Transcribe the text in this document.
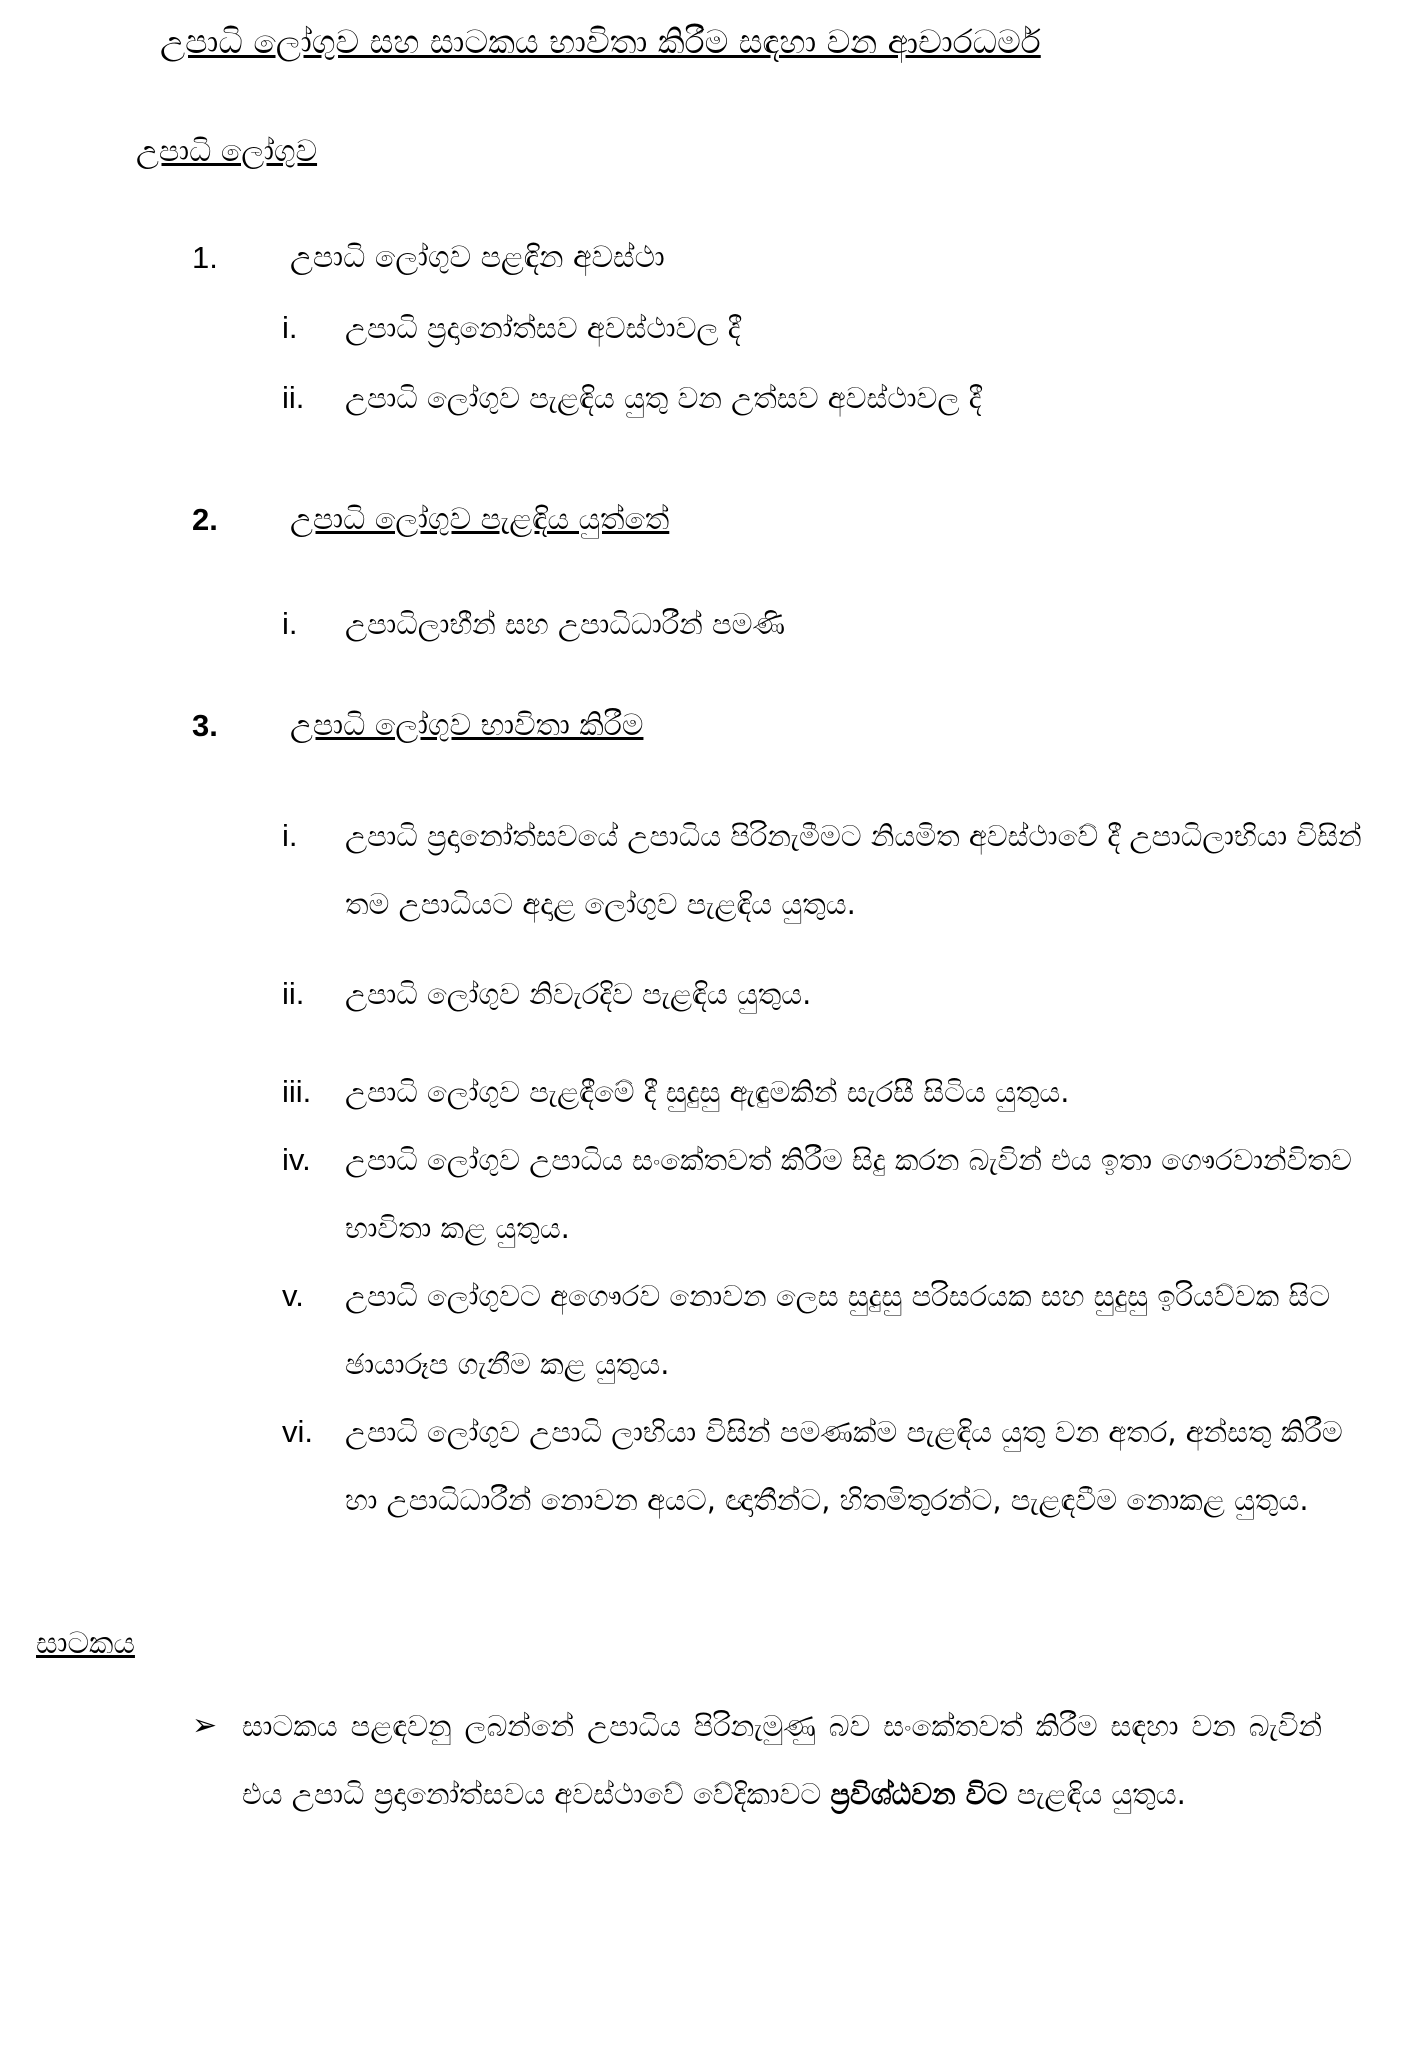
උපාධි ලෝගුව සහ සාටකය භාවිතා කිරීම සඳහා වන ආචාරධර්ම
උපාධි ලෝගුව
1. උපාධි ලෝගුව පළඳින අවස්ථා
i. උපාධි ප්‍රදානෝත්සව අවස්ථාවල දී
ii. උපාධි ලෝගුව පැළඳිය යුතු වන උත්සව අවස්ථාවල දී
2. උපාධි ලෝගුව පැළඳිය යුත්තේ
i. උපාධිලාභීන් සහ උපාධිධාරීන් පමණි
3. උපාධි ලෝගුව භාවිතා කිරීම
i. උපාධි ප්‍රදානෝත්සවයේ උපාධිය පිරිනැමීමට නියමිත අවස්ථාවේ දී උපාධිලාභියා විසින් තම උපාධියට අදාළ ලෝගුව පැළඳිය යුතුය.
ii. උපාධි ලෝගුව නිවැරදිව පැළඳිය යුතුය.
iii. උපාධි ලෝගුව පැළඳීමේ දී සුදුසු ඇඳුමකින් සැරසී සිටිය යුතුය.
iv. උපාධි ලෝගුව උපාධිය සංකේතවත් කිරීම සිදු කරන බැවින් එය ඉතා ගෞරවාන්විතව භාවිතා කළ යුතුය.
v. උපාධි ලෝගුවට අගෞරව නොවන ලෙස සුදුසු පරිසරයක සහ සුදුසු ඉරියව්වක සිට ඡායාරූප ගැනීම කළ යුතුය.
vi. උපාධි ලෝගුව උපාධි ලාභියා විසින් පමණක්ම පැළඳිය යුතු වන අතර, අන්සතු කිරීම හා උපාධිධාරීන් නොවන අයට, ඥාතීන්ට, හිතමිතුරන්ට, පැළඳවීම නොකළ යුතුය.
සාටකය
➢ සාටකය පළඳවනු ලබන්නේ උපාධිය පිරිනැමුණු බව සංකේතවත් කිරීම සඳහා වන බැවින් එය උපාධි ප්‍රදානෝත්සවය අවස්ථාවේ වේදිකාවට ප්‍රවිශ්ඨවන විට පැළඳිය යුතුය.
